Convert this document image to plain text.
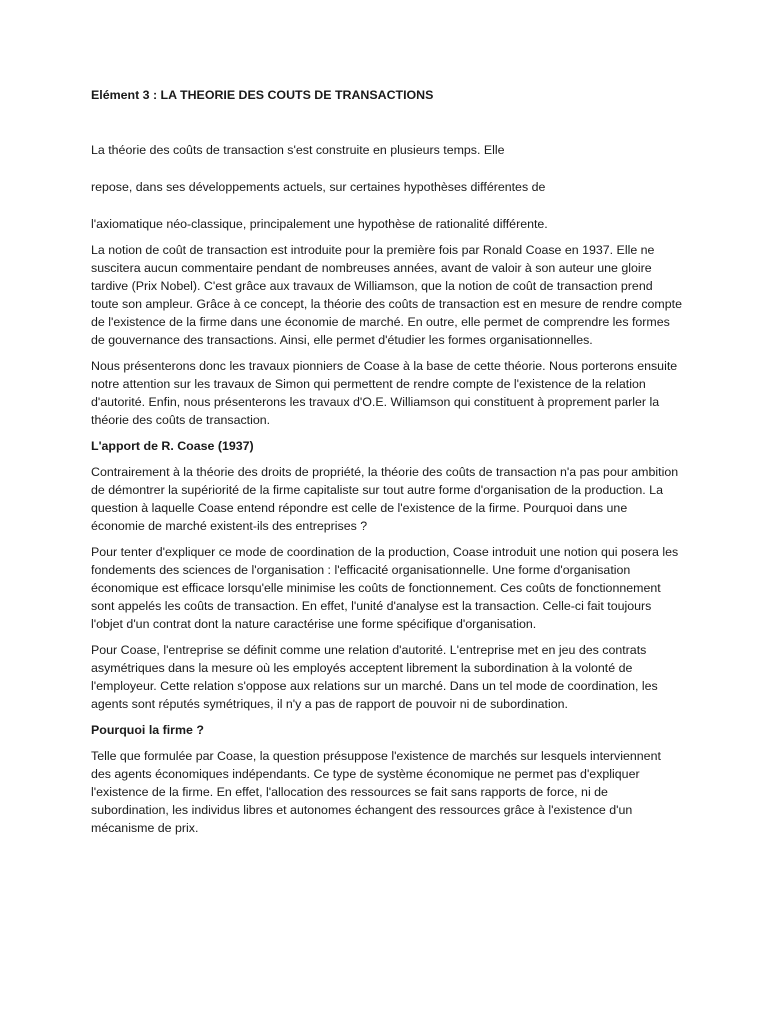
Elément 3 : LA THEORIE DES COUTS DE TRANSACTIONS

La théorie des coûts de transaction s'est construite en plusieurs temps. Elle

repose, dans ses développements actuels, sur certaines hypothèses différentes de

l'axiomatique néo-classique, principalement une hypothèse de rationalité différente.

La notion de coût de transaction est introduite pour la première fois par Ronald Coase en 1937. Elle ne suscitera aucun commentaire pendant de nombreuses années, avant de valoir à son auteur une gloire tardive (Prix Nobel). C'est grâce aux travaux de Williamson, que la notion de coût de transaction prend toute son ampleur. Grâce à ce concept, la théorie des coûts de transaction est en mesure de rendre compte de l'existence de la firme dans une économie de marché. En outre, elle permet de comprendre les formes de gouvernance des transactions. Ainsi, elle permet d'étudier les formes organisationnelles.

Nous présenterons donc les travaux pionniers de Coase à la base de cette théorie. Nous porterons ensuite notre attention sur les travaux de Simon qui permettent de rendre compte de l'existence de la relation d'autorité. Enfin, nous présenterons les travaux d'O.E. Williamson qui constituent à proprement parler la théorie des coûts de transaction.

L'apport de R. Coase (1937)

Contrairement à la théorie des droits de propriété, la théorie des coûts de transaction n'a pas pour ambition de démontrer la supériorité de la firme capitaliste sur tout autre forme d'organisation de la production. La question à laquelle Coase entend répondre est celle de l'existence de la firme. Pourquoi dans une économie de marché existent-ils des entreprises ?

Pour tenter d'expliquer ce mode de coordination de la production, Coase introduit une notion qui posera les fondements des sciences de l'organisation : l'efficacité organisationnelle. Une forme d'organisation économique est efficace lorsqu'elle minimise les coûts de fonctionnement. Ces coûts de fonctionnement sont appelés les coûts de transaction. En effet, l'unité d'analyse est la transaction. Celle-ci fait toujours l'objet d'un contrat dont la nature caractérise une forme spécifique d'organisation.

Pour Coase, l'entreprise se définit comme une relation d'autorité. L'entreprise met en jeu des contrats asymétriques dans la mesure où les employés acceptent librement la subordination à la volonté de l'employeur. Cette relation s'oppose aux relations sur un marché. Dans un tel mode de coordination, les agents sont réputés symétriques, il n'y a pas de rapport de pouvoir ni de subordination.

Pourquoi la firme ?

Telle que formulée par Coase, la question présuppose l'existence de marchés sur lesquels interviennent des agents économiques indépendants. Ce type de système économique ne permet pas d'expliquer l'existence de la firme. En effet, l'allocation des ressources se fait sans rapports de force, ni de subordination, les individus libres et autonomes échangent des ressources grâce à l'existence d'un mécanisme de prix.
